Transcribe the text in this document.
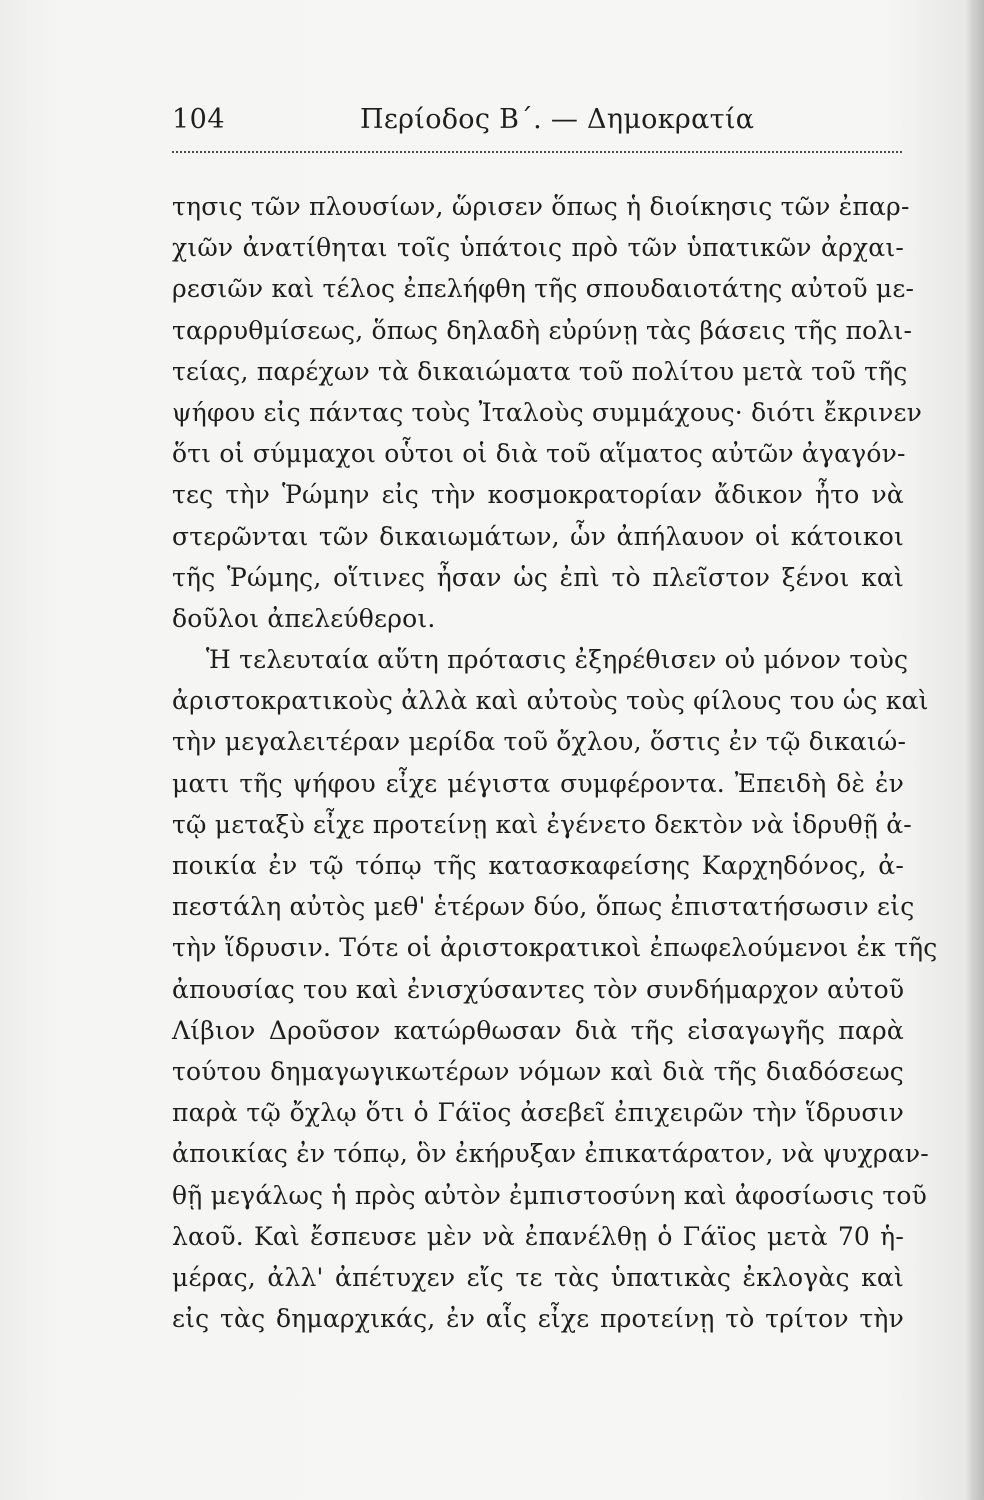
104	Περίοδος Β΄. — Δημοκρατία
τησις τῶν πλουσίων, ὥρισεν ὅπως ἡ διοίκησις τῶν ἐπαρ-
χιῶν ἀνατίθηται τοῖς ὑπάτοις πρὸ τῶν ὑπατικῶν ἀρχαι-
ρεσιῶν καὶ τέλος ἐπελήφθη τῆς σπουδαιοτάτης αὐτοῦ με-
ταρρυθμίσεως, ὅπως δηλαδὴ εὐρύνῃ τὰς βάσεις τῆς πολι-
τείας, παρέχων τὰ δικαιώματα τοῦ πολίτου μετὰ τοῦ τῆς
ψήφου εἰς πάντας τοὺς Ἰταλοὺς συμμάχους· διότι ἔκρινεν
ὅτι οἱ σύμμαχοι οὗτοι οἱ διὰ τοῦ αἵματος αὐτῶν ἀγαγόν-
τες τὴν Ῥώμην εἰς τὴν κοσμοκρατορίαν ἄδικον ἦτο νὰ
στερῶνται τῶν δικαιωμάτων, ὧν ἀπήλαυον οἱ κάτοικοι
τῆς Ῥώμης, οἵτινες ἦσαν ὡς ἐπὶ τὸ πλεῖστον ξένοι καὶ
δοῦλοι ἀπελεύθεροι.
Ἡ τελευταία αὕτη πρότασις ἐξηρέθισεν οὐ μόνον τοὺς
ἀριστοκρατικοὺς ἀλλὰ καὶ αὐτοὺς τοὺς φίλους του ὡς καὶ
τὴν μεγαλειτέραν μερίδα τοῦ ὄχλου, ὅστις ἐν τῷ δικαιώ-
ματι τῆς ψήφου εἶχε μέγιστα συμφέροντα. Ἐπειδὴ δὲ ἐν
τῷ μεταξὺ εἶχε προτείνῃ καὶ ἐγένετο δεκτὸν νὰ ἱδρυθῇ ἀ-
ποικία ἐν τῷ τόπῳ τῆς κατασκαφείσης Καρχηδόνος, ἀ-
πεστάλη αὐτὸς μεθ' ἑτέρων δύο, ὅπως ἐπιστατήσωσιν εἰς
τὴν ἵδρυσιν. Τότε οἱ ἀριστοκρατικοὶ ἐπωφελούμενοι ἐκ τῆς
ἀπουσίας του καὶ ἐνισχύσαντες τὸν συνδήμαρχον αὐτοῦ
Λίβιον Δροῦσον κατώρθωσαν διὰ τῆς εἰσαγωγῆς παρὰ
τούτου δημαγωγικωτέρων νόμων καὶ διὰ τῆς διαδόσεως
παρὰ τῷ ὄχλῳ ὅτι ὁ Γάϊος ἀσεβεῖ ἐπιχειρῶν τὴν ἵδρυσιν
ἀποικίας ἐν τόπῳ, ὃν ἐκήρυξαν ἐπικατάρατον, νὰ ψυχραν-
θῇ μεγάλως ἡ πρὸς αὐτὸν ἐμπιστοσύνη καὶ ἀφοσίωσις τοῦ
λαοῦ. Καὶ ἔσπευσε μὲν νὰ ἐπανέλθῃ ὁ Γάϊος μετὰ 70 ἡ-
μέρας, ἀλλ' ἀπέτυχεν εἴς τε τὰς ὑπατικὰς ἐκλογὰς καὶ
εἰς τὰς δημαρχικάς, ἐν αἷς εἶχε προτείνῃ τὸ τρίτον τὴν
